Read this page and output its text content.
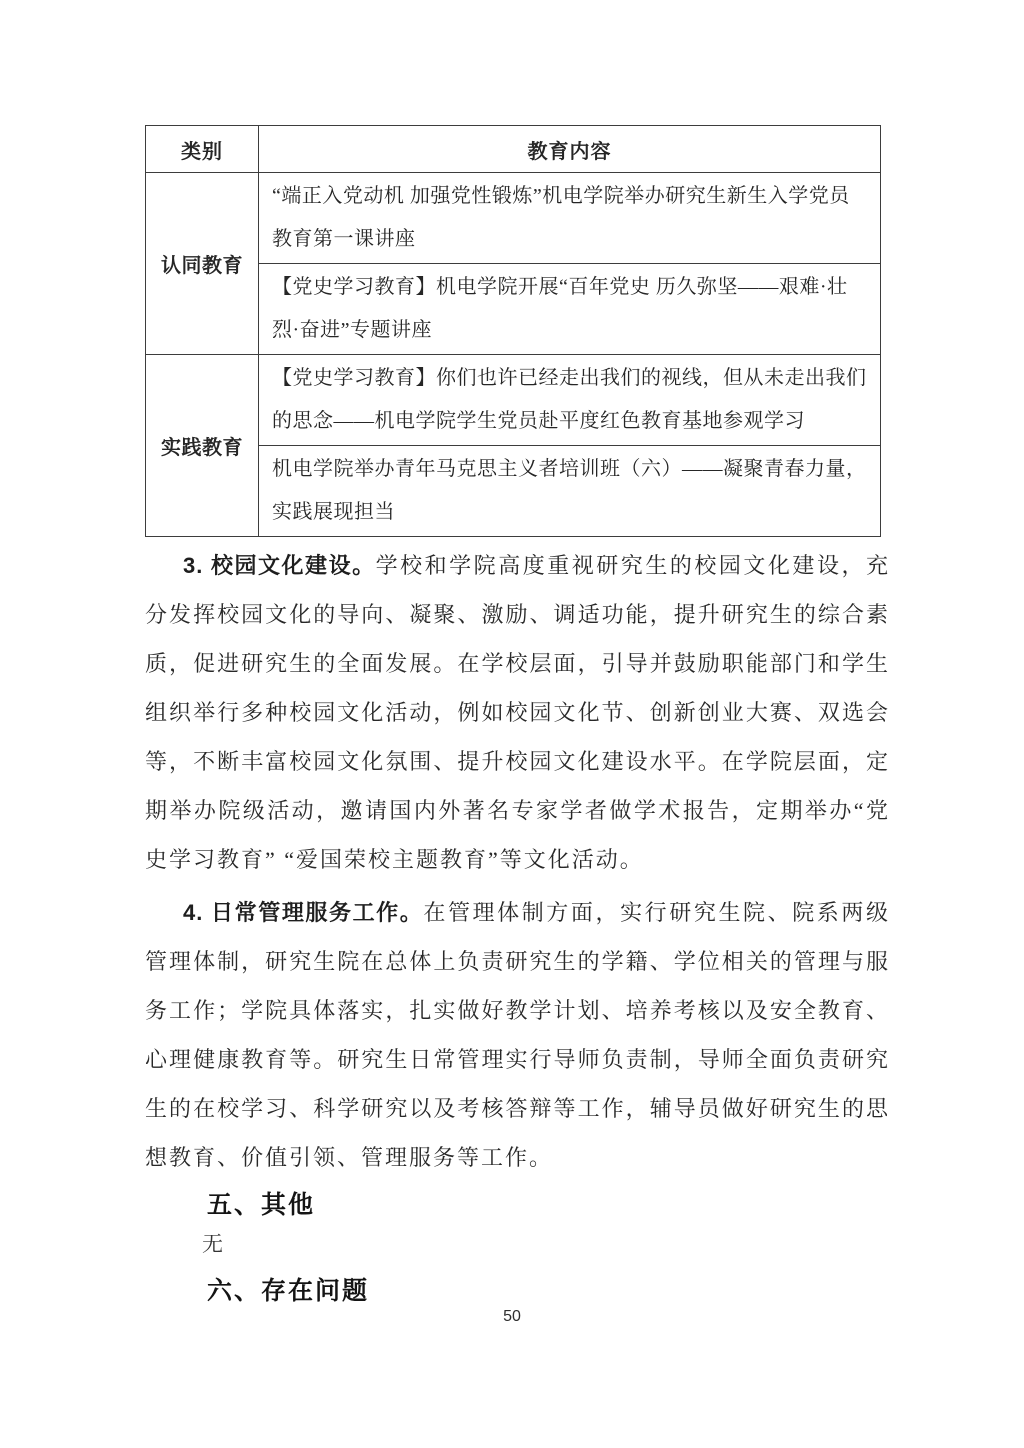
类别	教育内容
认同教育	“端正入党动机 加强党性锻炼”机电学院举办研究生新生入学党员教育第一课讲座
	【党史学习教育】机电学院开展“百年党史 历久弥坚——艰难·壮烈·奋进”专题讲座
实践教育	【党史学习教育】你们也许已经走出我们的视线，但从未走出我们的思念——机电学院学生党员赴平度红色教育基地参观学习
	机电学院举办青年马克思主义者培训班（六）——凝聚青春力量，实践展现担当

3. 校园文化建设。学校和学院高度重视研究生的校园文化建设，充分发挥校园文化的导向、凝聚、激励、调适功能，提升研究生的综合素质，促进研究生的全面发展。在学校层面，引导并鼓励职能部门和学生组织举行多种校园文化活动，例如校园文化节、创新创业大赛、双选会等，不断丰富校园文化氛围、提升校园文化建设水平。在学院层面，定期举办院级活动，邀请国内外著名专家学者做学术报告，定期举办“党史学习教育” “爱国荣校主题教育”等文化活动。

4. 日常管理服务工作。在管理体制方面，实行研究生院、院系两级管理体制，研究生院在总体上负责研究生的学籍、学位相关的管理与服务工作；学院具体落实，扎实做好教学计划、培养考核以及安全教育、心理健康教育等。研究生日常管理实行导师负责制，导师全面负责研究生的在校学习、科学研究以及考核答辩等工作，辅导员做好研究生的思想教育、价值引领、管理服务等工作。

五、其他

无

六、存在问题
50
